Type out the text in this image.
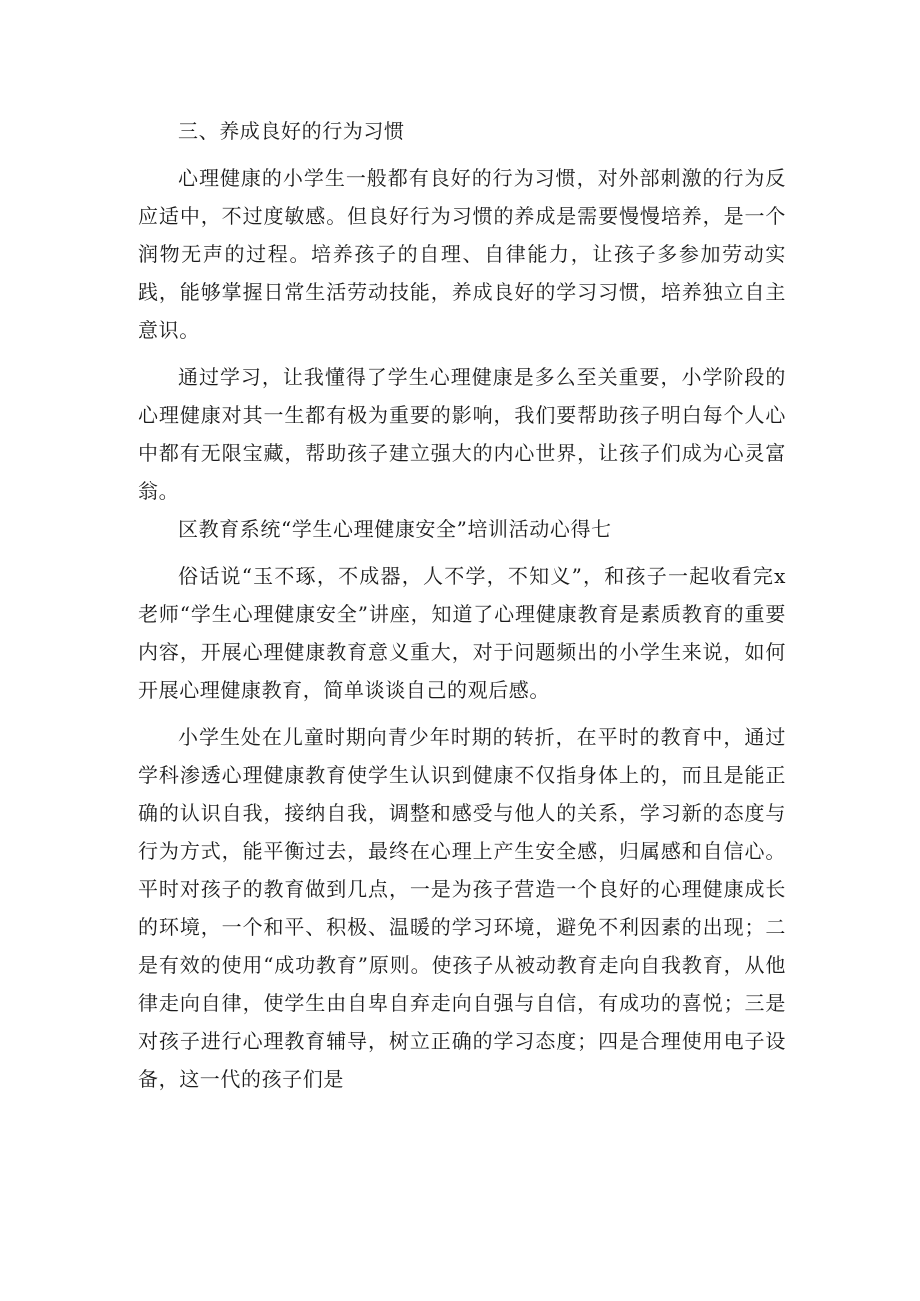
三、养成良好的行为习惯

心理健康的小学生一般都有良好的行为习惯，对外部刺激的行为反应适中，不过度敏感。但良好行为习惯的养成是需要慢慢培养，是一个润物无声的过程。培养孩子的自理、自律能力，让孩子多参加劳动实践，能够掌握日常生活劳动技能，养成良好的学习习惯，培养独立自主意识。

通过学习，让我懂得了学生心理健康是多么至关重要，小学阶段的心理健康对其一生都有极为重要的影响，我们要帮助孩子明白每个人心中都有无限宝藏，帮助孩子建立强大的内心世界，让孩子们成为心灵富翁。

区教育系统“学生心理健康安全”培训活动心得七

俗话说“玉不琢，不成器，人不学，不知义”，和孩子一起收看完x老师“学生心理健康安全”讲座，知道了心理健康教育是素质教育的重要内容，开展心理健康教育意义重大，对于问题频出的小学生来说，如何开展心理健康教育，简单谈谈自己的观后感。

小学生处在儿童时期向青少年时期的转折，在平时的教育中，通过学科渗透心理健康教育使学生认识到健康不仅指身体上的，而且是能正确的认识自我，接纳自我，调整和感受与他人的关系，学习新的态度与行为方式，能平衡过去，最终在心理上产生安全感，归属感和自信心。平时对孩子的教育做到几点，一是为孩子营造一个良好的心理健康成长的环境，一个和平、积极、温暖的学习环境，避免不利因素的出现；二是有效的使用“成功教育”原则。使孩子从被动教育走向自我教育，从他律走向自律，使学生由自卑自弃走向自强与自信，有成功的喜悦；三是对孩子进行心理教育辅导，树立正确的学习态度；四是合理使用电子设备，这一代的孩子们是
